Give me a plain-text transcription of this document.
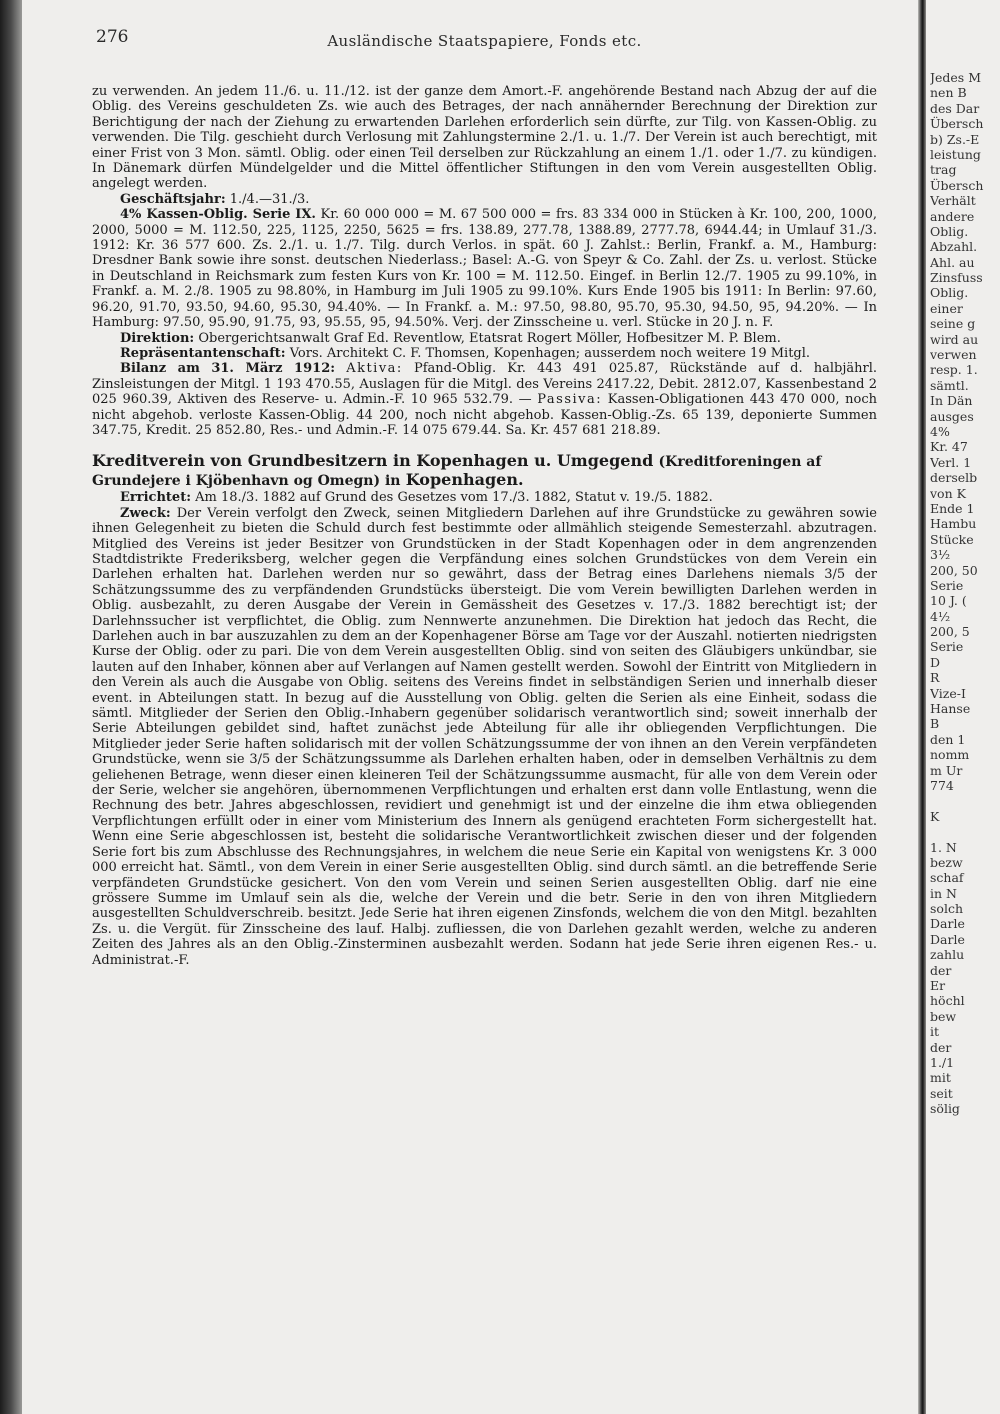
276	Ausländische Staatspapiere, Fonds etc.

zu verwenden. An jedem 11./6. u. 11./12. ist der ganze dem Amort.-F. angehörende Bestand nach Abzug der auf die Oblig. des Vereins geschuldeten Zs. wie auch des Betrages, der nach annähernder Berechnung der Direktion zur Berichtigung der nach der Ziehung zu erwartenden Darlehen erforderlich sein dürfte, zur Tilg. von Kassen-Oblig. zu verwenden. Die Tilg. geschieht durch Verlosung mit Zahlungstermine 2./1. u. 1./7. Der Verein ist auch berechtigt, mit einer Frist von 3 Mon. sämtl. Oblig. oder einen Teil derselben zur Rückzahlung an einem 1./1. oder 1./7. zu kündigen. In Dänemark dürfen Mündelgelder und die Mittel öffentlicher Stiftungen in den vom Verein ausgestellten Oblig. angelegt werden.

Geschäftsjahr: 1./4.—31./3.

4% Kassen-Oblig. Serie IX. Kr. 60 000 000 = M. 67 500 000 = frs. 83 334 000 in Stücken à Kr. 100, 200, 1000, 2000, 5000 = M. 112.50, 225, 1125, 2250, 5625 = frs. 138.89, 277.78, 1388.89, 2777.78, 6944.44; in Umlauf 31./3. 1912: Kr. 36 577 600. Zs. 2./1. u. 1./7. Tilg. durch Verlos. in spät. 60 J. Zahlst.: Berlin, Frankf. a. M., Hamburg: Dresdner Bank sowie ihre sonst. deutschen Niederlass.; Basel: A.-G. von Speyr & Co. Zahl. der Zs. u. verlost. Stücke in Deutschland in Reichsmark zum festen Kurs von Kr. 100 = M. 112.50. Eingef. in Berlin 12./7. 1905 zu 99.10%, in Frankf. a. M. 2./8. 1905 zu 98.80%, in Hamburg im Juli 1905 zu 99.10%. Kurs Ende 1905 bis 1911: In Berlin: 97.60, 96.20, 91.70, 93.50, 94.60, 95.30, 94.40%. — In Frankf. a. M.: 97.50, 98.80, 95.70, 95.30, 94.50, 95, 94.20%. — In Hamburg: 97.50, 95.90, 91.75, 93, 95.55, 95, 94.50%. Verj. der Zinsscheine u. verl. Stücke in 20 J. n. F.

Direktion: Obergerichtsanwalt Graf Ed. Reventlow, Etatsrat Rogert Möller, Hofbesitzer M. P. Blem.

Repräsentantenschaft: Vors. Architekt C. F. Thomsen, Kopenhagen; ausserdem noch weitere 19 Mitgl.

Bilanz am 31. März 1912: Aktiva: Pfand-Oblig. Kr. 443 491 025.87, Rückstände auf d. halbjährl. Zinsleistungen der Mitgl. 1 193 470.55, Auslagen für die Mitgl. des Vereins 2417.22, Debit. 2812.07, Kassenbestand 2 025 960.39, Aktiven des Reserve- u. Admin.-F. 10 965 532.79. — Passiva: Kassen-Obligationen 443 470 000, noch nicht abgehob. verloste Kassen-Oblig. 44 200, noch nicht abgehob. Kassen-Oblig.-Zs. 65 139, deponierte Summen 347.75, Kredit. 25 852.80, Res.- und Admin.-F. 14 075 679.44. Sa. Kr. 457 681 218.89.

Kreditverein von Grundbesitzern in Kopenhagen u. Umgegend (Kreditforeningen af Grundejere i Kjöbenhavn og Omegn) in Kopenhagen.

Errichtet: Am 18./3. 1882 auf Grund des Gesetzes vom 17./3. 1882, Statut v. 19./5. 1882.

Zweck: Der Verein verfolgt den Zweck, seinen Mitgliedern Darlehen auf ihre Grundstücke zu gewähren sowie ihnen Gelegenheit zu bieten die Schuld durch fest bestimmte oder allmählich steigende Semesterzahl. abzutragen. Mitglied des Vereins ist jeder Besitzer von Grundstücken in der Stadt Kopenhagen oder in dem angrenzenden Stadtdistrikte Frederiksberg, welcher gegen die Verpfändung eines solchen Grundstückes von dem Verein ein Darlehen erhalten hat. Darlehen werden nur so gewährt, dass der Betrag eines Darlehens niemals 3/5 der Schätzungssumme des zu verpfändenden Grundstücks übersteigt. Die vom Verein bewilligten Darlehen werden in Oblig. ausbezahlt, zu deren Ausgabe der Verein in Gemässheit des Gesetzes v. 17./3. 1882 berechtigt ist; der Darlehnssucher ist verpflichtet, die Oblig. zum Nennwerte anzunehmen. Die Direktion hat jedoch das Recht, die Darlehen auch in bar auszuzahlen zu dem an der Kopenhagener Börse am Tage vor der Auszahl. notierten niedrigsten Kurse der Oblig. oder zu pari. Die von dem Verein ausgestellten Oblig. sind von seiten des Gläubigers unkündbar, sie lauten auf den Inhaber, können aber auf Verlangen auf Namen gestellt werden. Sowohl der Eintritt von Mitgliedern in den Verein als auch die Ausgabe von Oblig. seitens des Vereins findet in selbständigen Serien und innerhalb dieser event. in Abteilungen statt. In bezug auf die Ausstellung von Oblig. gelten die Serien als eine Einheit, sodass die sämtl. Mitglieder der Serien den Oblig.-Inhabern gegenüber solidarisch verantwortlich sind; soweit innerhalb der Serie Abteilungen gebildet sind, haftet zunächst jede Abteilung für alle ihr obliegenden Verpflichtungen. Die Mitglieder jeder Serie haften solidarisch mit der vollen Schätzungssumme der von ihnen an den Verein verpfändeten Grundstücke, wenn sie 3/5 der Schätzungssumme als Darlehen erhalten haben, oder in demselben Verhältnis zu dem geliehenen Betrage, wenn dieser einen kleineren Teil der Schätzungssumme ausmacht, für alle von dem Verein oder der Serie, welcher sie angehören, übernommenen Verpflichtungen und erhalten erst dann volle Entlastung, wenn die Rechnung des betr. Jahres abgeschlossen, revidiert und genehmigt ist und der einzelne die ihm etwa obliegenden Verpflichtungen erfüllt oder in einer vom Ministerium des Innern als genügend erachteten Form sichergestellt hat. Wenn eine Serie abgeschlossen ist, besteht die solidarische Verantwortlichkeit zwischen dieser und der folgenden Serie fort bis zum Abschlusse des Rechnungsjahres, in welchem die neue Serie ein Kapital von wenigstens Kr. 3 000 000 erreicht hat. Sämtl., von dem Verein in einer Serie ausgestellten Oblig. sind durch sämtl. an die betreffende Serie verpfändeten Grundstücke gesichert. Von den vom Verein und seinen Serien ausgestellten Oblig. darf nie eine grössere Summe im Umlauf sein als die, welche der Verein und die betr. Serie in den von ihren Mitgliedern ausgestellten Schuldverschreib. besitzt. Jede Serie hat ihren eigenen Zinsfonds, welchem die von den Mitgl. bezahlten Zs. u. die Vergüt. für Zinsscheine des lauf. Halbj. zufliessen, die von Darlehen gezahlt werden, welche zu anderen Zeiten des Jahres als an den Oblig.-Zinsterminen ausbezahlt werden. Sodann hat jede Serie ihren eigenen Res.- u. Administrat.-F.

Jedes M
nen B
des Dar
Übersch
b) Zs.-E
leistung
trag
Übersch
Verhält
andere
Oblig.
Abzahl.
Ahl. au
Zinsfuss
Oblig.
einer
seine g
wird au
verwen
resp. 1.
sämtl.
In Dän
ausges
4%
Kr. 47
Verl. 1
derselb
von K
Ende 1
Hambu
Stücke
3½
200, 50
Serie
10 J. (
4½
200, 5
Serie
D
R
Vize-I
Hanse
B
den 1
nomm
m Ur
774
K
1. N
bezw
schaf
in N
solch
Darle
Darle
zahlu
der
Er
höchl
bew
it
der
1./1
mit
seit
sölig
